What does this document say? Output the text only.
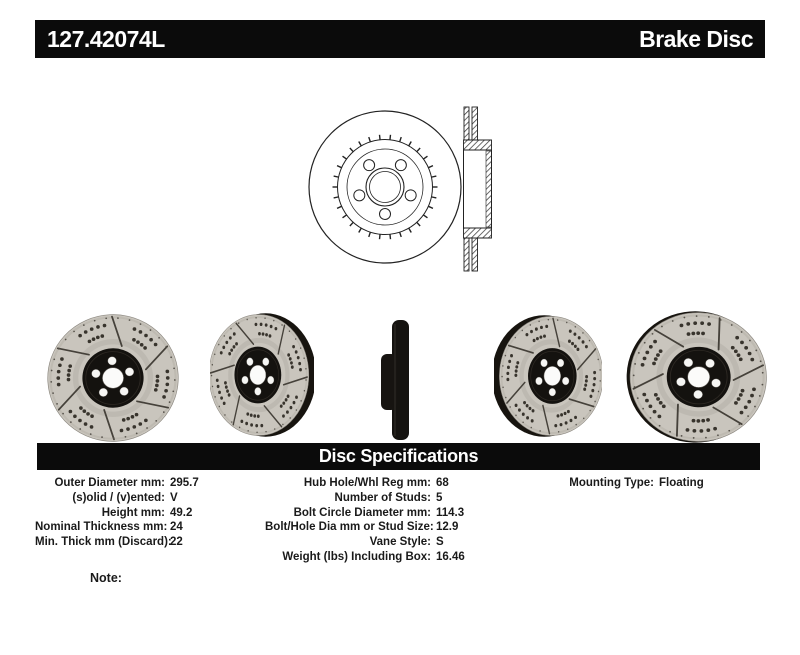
127.42074L	Brake Disc
Disc Specifications
Outer Diameter mm: 295.7
(s)olid / (v)ented: V
Height mm: 49.2
Nominal Thickness mm: 24
Min. Thick mm (Discard):
22
Hub Hole/Whl Reg mm: 68
Number of Studs: 5
Bolt Circle Diameter mm: 114.3
Bolt/Hole Dia mm or Stud Size: 12.9
Vane Style: S
Weight (lbs) Including Box: 16.46
Mounting Type: Floating
Note:
